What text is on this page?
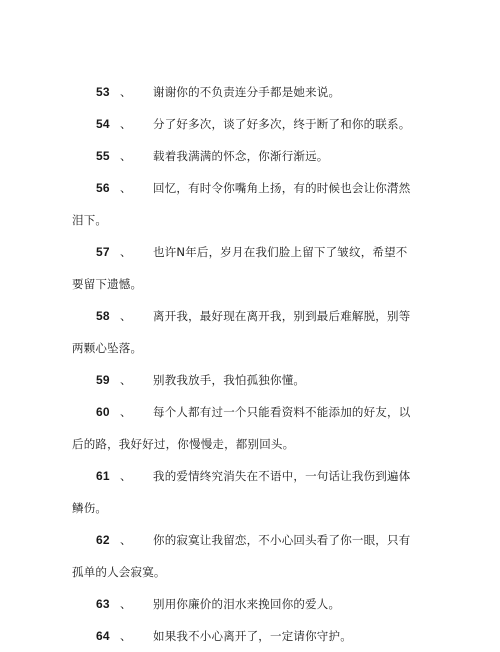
53 、 谢谢你的不负责连分手都是她来说。
54 、 分了好多次，谈了好多次，终于断了和你的联系。
55 、 载着我满满的怀念，你渐行渐远。
56 、 回忆，有时令你嘴角上扬，有的时候也会让你潸然泪下。
57 、 也许N年后，岁月在我们脸上留下了皱纹，希望不要留下遗憾。
58 、 离开我，最好现在离开我，别到最后难解脱，别等两颗心坠落。
59 、 别教我放手，我怕孤独你懂。
60 、 每个人都有过一个只能看资料不能添加的好友，以后的路，我好好过，你慢慢走，都别回头。
61 、 我的爱情终究消失在不语中，一句话让我伤到遍体鳞伤。
62 、 你的寂寞让我留恋，不小心回头看了你一眼，只有孤单的人会寂寞。
63 、 别用你廉价的泪水来挽回你的爱人。
64 、 如果我不小心离开了，一定请你守护。
